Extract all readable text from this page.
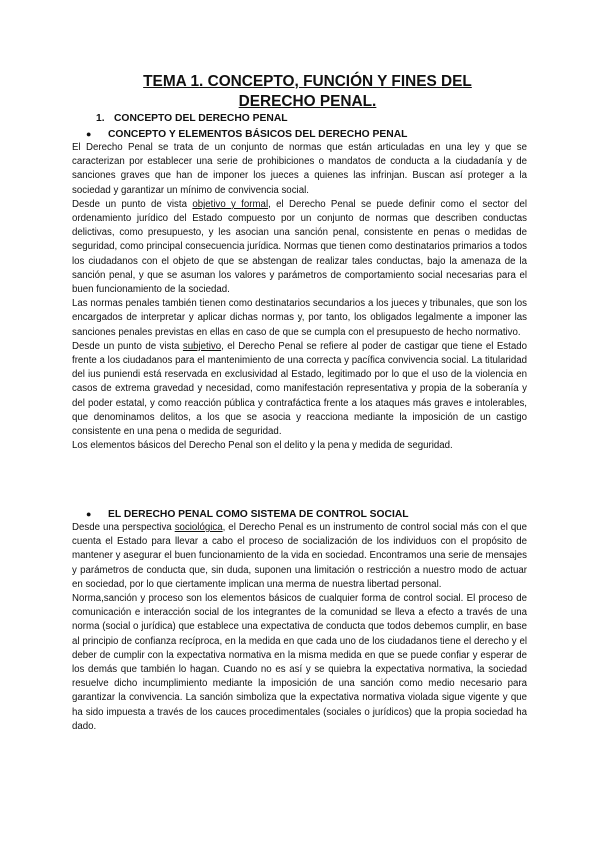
TEMA 1. CONCEPTO, FUNCIÓN Y FINES DEL DERECHO PENAL.
1. CONCEPTO DEL DERECHO PENAL
● CONCEPTO Y ELEMENTOS BÁSICOS DEL DERECHO PENAL

El Derecho Penal se trata de un conjunto de normas que están articuladas en una ley y que se caracterizan por establecer una serie de prohibiciones o mandatos de conducta a la ciudadanía y de sanciones graves que han de imponer los jueces a quienes las infrinjan. Buscan así proteger a la sociedad y garantizar un mínimo de convivencia social.

Desde un punto de vista objetivo y formal, el Derecho Penal se puede definir como el sector del ordenamiento jurídico del Estado compuesto por un conjunto de normas que describen conductas delictivas, como presupuesto, y les asocian una sanción penal, consistente en penas o medidas de seguridad, como principal consecuencia jurídica. Normas que tienen como destinatarios primarios a todos los ciudadanos con el objeto de que se abstengan de realizar tales conductas, bajo la amenaza de la sanción penal, y que se asuman los valores y parámetros de comportamiento social necesarias para el buen funcionamiento de la sociedad.

Las normas penales también tienen como destinatarios secundarios a los jueces y tribunales, que son los encargados de interpretar y aplicar dichas normas y, por tanto, los obligados legalmente a imponer las sanciones penales previstas en ellas en caso de que se cumpla con el presupuesto de hecho normativo.

Desde un punto de vista subjetivo, el Derecho Penal se refiere al poder de castigar que tiene el Estado frente a los ciudadanos para el mantenimiento de una correcta y pacífica convivencia social. La titularidad del ius puniendi está reservada en exclusividad al Estado, legitimado por lo que el uso de la violencia en casos de extrema gravedad y necesidad, como manifestación representativa y propia de la soberanía y del poder estatal, y como reacción pública y contrafáctica frente a los ataques más graves e intolerables, que denominamos delitos, a los que se asocia y reacciona mediante la imposición de un castigo consistente en una pena o medida de seguridad.

Los elementos básicos del Derecho Penal son el delito y la pena y medida de seguridad.

● EL DERECHO PENAL COMO SISTEMA DE CONTROL SOCIAL

Desde una perspectiva sociológica, el Derecho Penal es un instrumento de control social más con el que cuenta el Estado para llevar a cabo el proceso de socialización de los individuos con el propósito de mantener y asegurar el buen funcionamiento de la vida en sociedad. Encontramos una serie de mensajes y parámetros de conducta que, sin duda, suponen una limitación o restricción a nuestro modo de actuar en sociedad, por lo que ciertamente implican una merma de nuestra libertad personal.

Norma,sanción y proceso son los elementos básicos de cualquier forma de control social. El proceso de comunicación e interacción social de los integrantes de la comunidad se lleva a efecto a través de una norma (social o jurídica) que establece una expectativa de conducta que todos debemos cumplir, en base al principio de confianza recíproca, en la medida en que cada uno de los ciudadanos tiene el derecho y el deber de cumplir con la expectativa normativa en la misma medida en que se puede confiar y esperar de los demás que también lo hagan. Cuando no es así y se quiebra la expectativa normativa, la sociedad resuelve dicho incumplimiento mediante la imposición de una sanción como medio necesario para garantizar la convivencia. La sanción simboliza que la expectativa normativa violada sigue vigente y que ha sido impuesta a través de los cauces procedimentales (sociales o jurídicos) que la propia sociedad ha dado.
